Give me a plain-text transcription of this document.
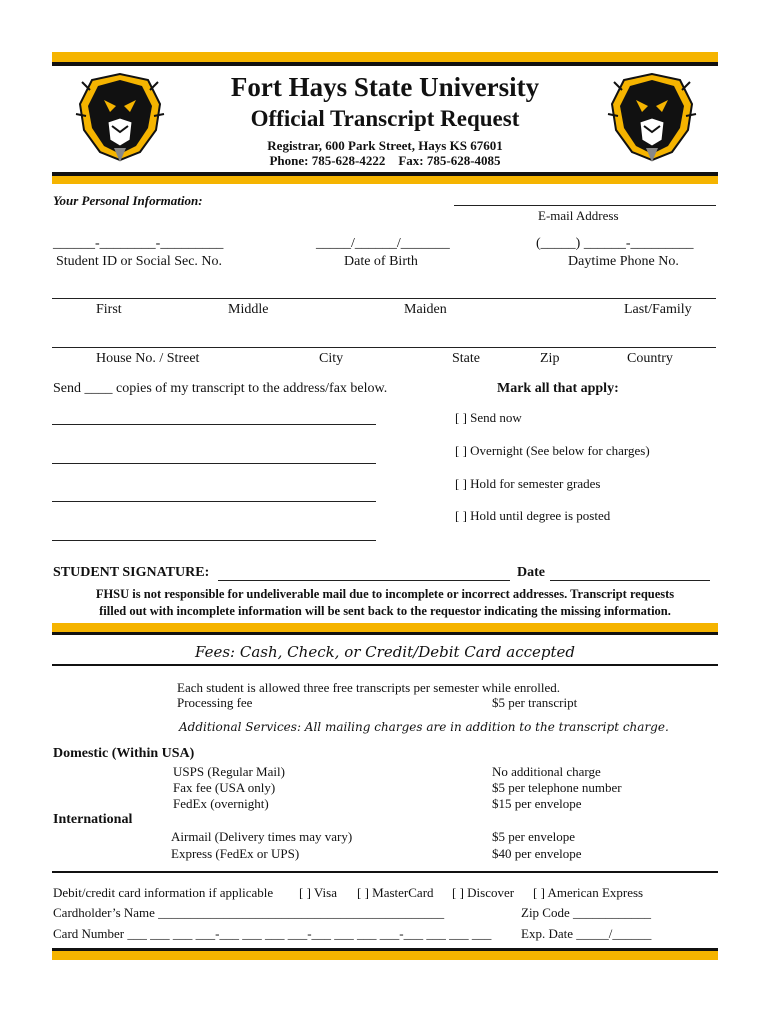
Fort Hays State University
Official Transcript Request
Registrar, 600 Park Street, Hays KS 67601
Phone: 785-628-4222    Fax: 785-628-4085
Your Personal Information:
E-mail Address
______-________-_________
Student ID or Social Sec. No.
_____/______/_______
Date of Birth
(_____) ______-_________
Daytime Phone No.
First	Middle	Maiden	Last/Family
House No. / Street	City	State	Zip	Country
Send ____ copies of my transcript to the address/fax below.	Mark all that apply:
[ ] Send now
[ ] Overnight (See below for charges)
[ ] Hold for semester grades
[ ] Hold until degree is posted
STUDENT SIGNATURE:	Date
FHSU is not responsible for undeliverable mail due to incomplete or incorrect addresses. Transcript requests
filled out with incomplete information will be sent back to the requestor indicating the missing information.
Fees: Cash, Check, or Credit/Debit Card accepted
Each student is allowed three free transcripts per semester while enrolled.
Processing fee	$5 per transcript
Additional Services: All mailing charges are in addition to the transcript charge.
Domestic (Within USA)
USPS (Regular Mail)	No additional charge
Fax fee (USA only)	$5 per telephone number
FedEx (overnight)	$15 per envelope
International
Airmail (Delivery times may vary)	$5 per envelope
Express (FedEx or UPS)	$40 per envelope
Debit/credit card information if applicable [ ] Visa [ ] MasterCard [ ] Discover [ ] American Express
Cardholder’s Name ____________________________________________	Zip Code ____________
Card Number ___ ___ ___ ___-___ ___ ___ ___-___ ___ ___ ___-___ ___ ___ ___ Exp. Date _____/______
